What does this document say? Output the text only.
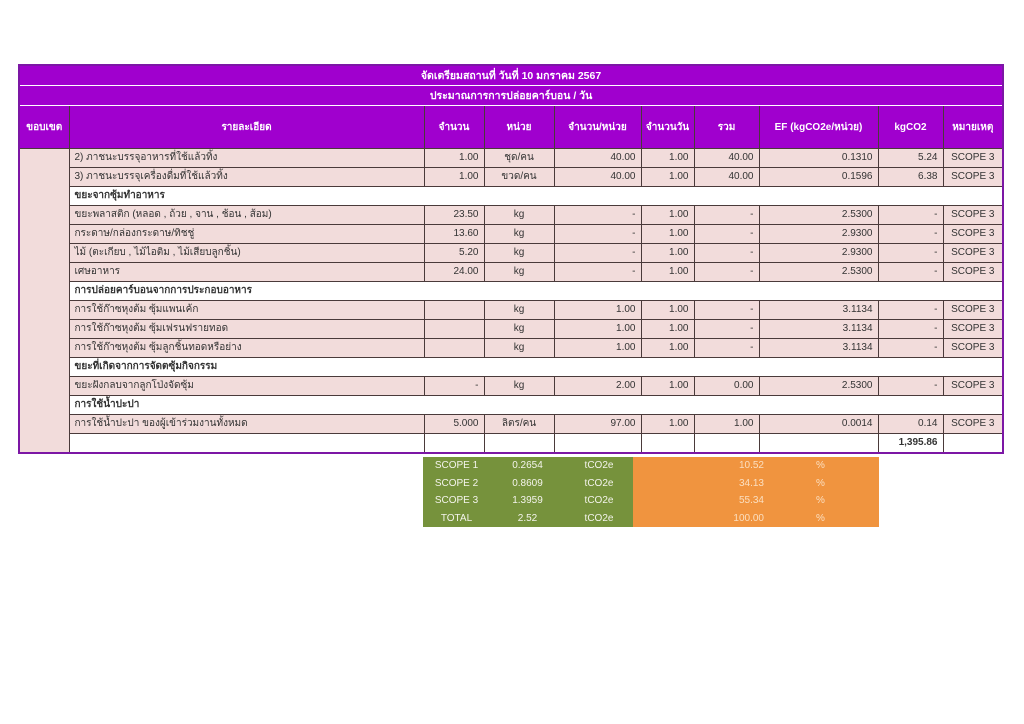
จัดเตรียมสถานที่ วันที่ 10 มกราคม 2567									
ประมาณการการปล่อยคาร์บอน / วัน									
ขอบเขต	รายละเอียด	จำนวน	หน่วย	จำนวน/หน่วย	จำนวนวัน	รวม	EF (kgCO2e/หน่วย)	kgCO2	หมายเหตุ
	2) ภาชนะบรรจุอาหารที่ใช้แล้วทิ้ง	1.00	ชุด/คน	40.00	1.00	40.00	0.1310	5.24	SCOPE 3
	3) ภาชนะบรรจุเครื่องดื่มที่ใช้แล้วทิ้ง	1.00	ขวด/คน	40.00	1.00	40.00	0.1596	6.38	SCOPE 3
	ขยะจากซุ้มทำอาหาร								
	ขยะพลาสติก (หลอด , ถ้วย , จาน , ช้อน , ส้อม)	23.50	kg	-	1.00	-	2.5300	-	SCOPE 3
	กระดาษ/กล่องกระดาษ/ทิชชู่	13.60	kg	-	1.00	-	2.9300	-	SCOPE 3
	ไม้ (ตะเกียบ , ไม้ไอติม , ไม้เสียบลูกชิ้น)	5.20	kg	-	1.00	-	2.9300	-	SCOPE 3
	เศษอาหาร	24.00	kg	-	1.00	-	2.5300	-	SCOPE 3
	การปล่อยคาร์บอนจากการประกอบอาหาร								
	การใช้ก๊าซหุงต้ม ซุ้มแพนเค้ก		kg	1.00	1.00	-	3.1134	-	SCOPE 3
	การใช้ก๊าซหุงต้ม ซุ้มเฟรนฟรายทอด		kg	1.00	1.00	-	3.1134	-	SCOPE 3
	การใช้ก๊าซหุงต้ม ซุ้มลูกชิ้นทอดหรือย่าง		kg	1.00	1.00	-	3.1134	-	SCOPE 3
	ขยะที่เกิดจากการจัดตซุ้มกิจกรรม								
	ขยะฝังกลบจากลูกโป่งจัดซุ้ม	-	kg	2.00	1.00	0.00	2.5300	-	SCOPE 3
	การใช้น้ำปะปา								
	การใช้น้ำปะปา ของผู้เข้าร่วมงานทั้งหมด	5.000	ลิตร/คน	97.00	1.00	1.00	0.0014	0.14	SCOPE 3
								1,395.86	
SCOPE 1	0.2654	tCO2e	10.52	%
SCOPE 2	0.8609	tCO2e	34.13	%
SCOPE 3	1.3959	tCO2e	55.34	%
TOTAL	2.52	tCO2e	100.00	%
